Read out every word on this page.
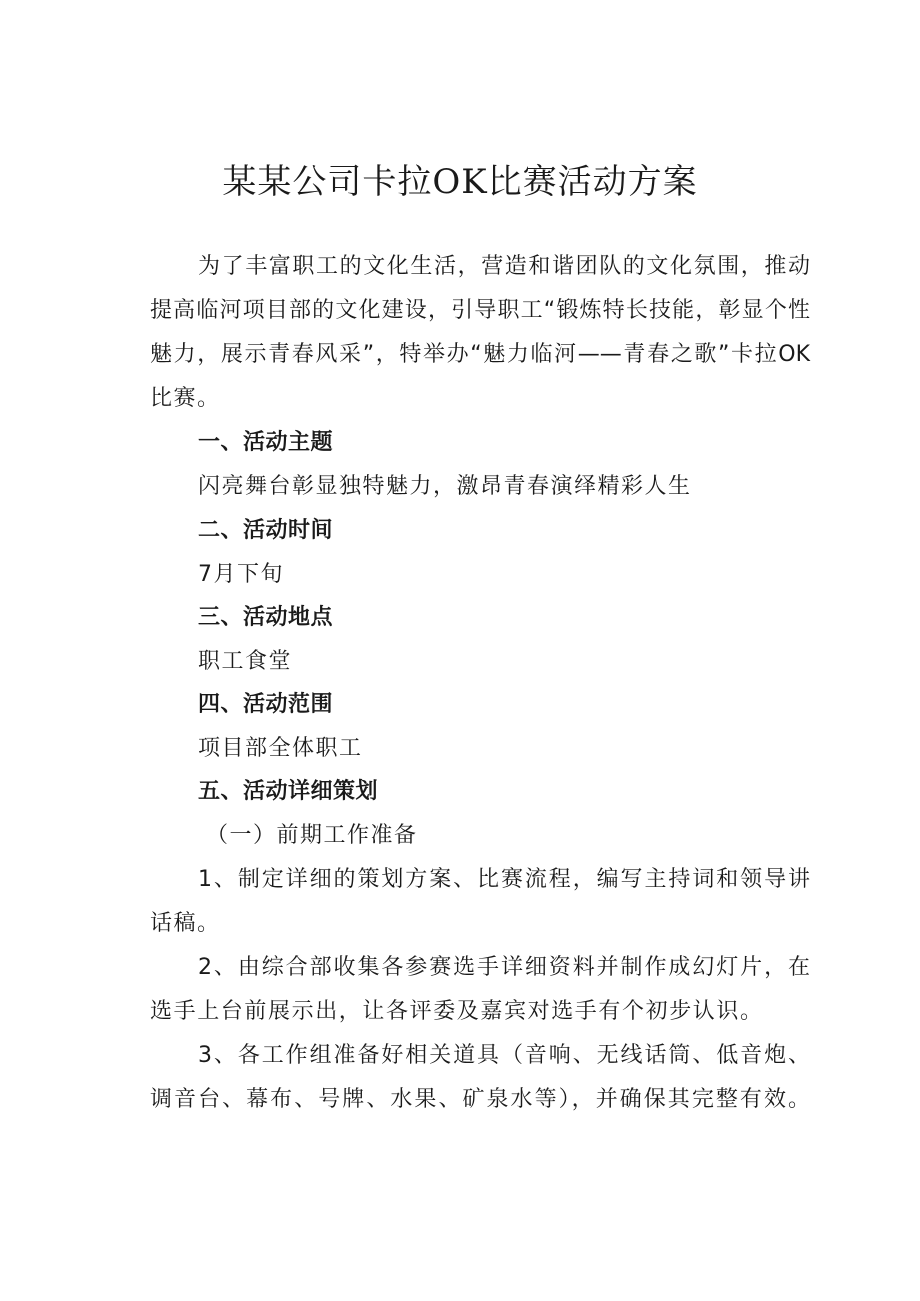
某某公司卡拉OK比赛活动方案
为了丰富职工的文化生活，营造和谐团队的文化氛围，推动
提高临河项目部的文化建设，引导职工“锻炼特长技能，彰显个性
魅力，展示青春风采”，特举办“魅力临河——青春之歌”卡拉OK
比赛。
一、活动主题
闪亮舞台彰显独特魅力，激昂青春演绎精彩人生
二、活动时间
7月下旬
三、活动地点
职工食堂
四、活动范围
项目部全体职工
五、活动详细策划
（一）前期工作准备
1、制定详细的策划方案、比赛流程，编写主持词和领导讲
话稿。
2、由综合部收集各参赛选手详细资料并制作成幻灯片，在
选手上台前展示出，让各评委及嘉宾对选手有个初步认识。
3、各工作组准备好相关道具（音响、无线话筒、低音炮、
调音台、幕布、号牌、水果、矿泉水等），并确保其完整有效。
